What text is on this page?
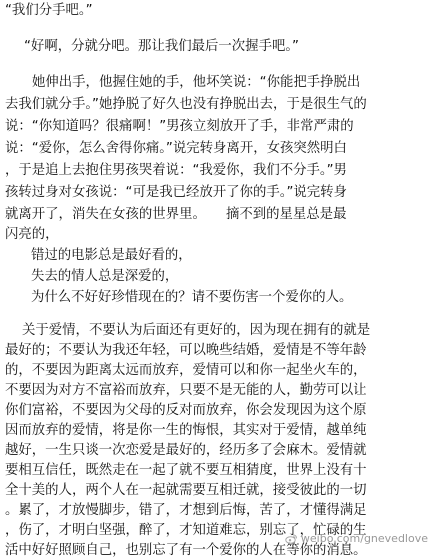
“我们分手吧。”
“好啊，分就分吧。那让我们最后一次握手吧。”
她伸出手，他握住她的手，他坏笑说：“你能把手挣脱出
去我们就分手。”她挣脱了好久也没有挣脱出去，于是很生气的
说：“你知道吗？很痛啊！”男孩立刻放开了手，非常严肃的
说：“爱你，怎么舍得你痛。”说完转身离开，女孩突然明白
，于是追上去抱住男孩哭着说：“我爱你，我们不分手。”男
孩转过身对女孩说：“可是我已经放开了你的手。”说完转身
就离开了，消失在女孩的世界里。　　摘不到的星星总是最
闪亮的，
错过的电影总是最好看的，
失去的情人总是深爱的，
为什么不好好珍惜现在的？请不要伤害一个爱你的人。
关于爱情，不要认为后面还有更好的，因为现在拥有的就是
最好的；不要认为我还年轻，可以晚些结婚，爱情是不等年龄
的，不要因为距离太远而放弃，爱情可以和你一起坐火车的，
不要因为对方不富裕而放弃，只要不是无能的人，勤劳可以让
你们富裕，不要因为父母的反对而放弃，你会发现因为这个原
因而放弃的爱情，将是你一生的悔恨，其实对于爱情，越单纯
越好，一生只谈一次恋爱是最好的，经历多了会麻木。爱情就
要相互信任，既然走在一起了就不要互相猜度，世界上没有十
全十美的人，两个人在一起就需要互相迁就，接受彼此的一切
。累了，才放慢脚步，错了，才想到后悔，苦了，才懂得满足
，伤了，才明白坚强，醉了，才知道难忘，别忘了，忙碌的生
活中好好照顾自己，也别忘了有一个爱你的人在等你的消息。
weibo.com/gnevedlove
